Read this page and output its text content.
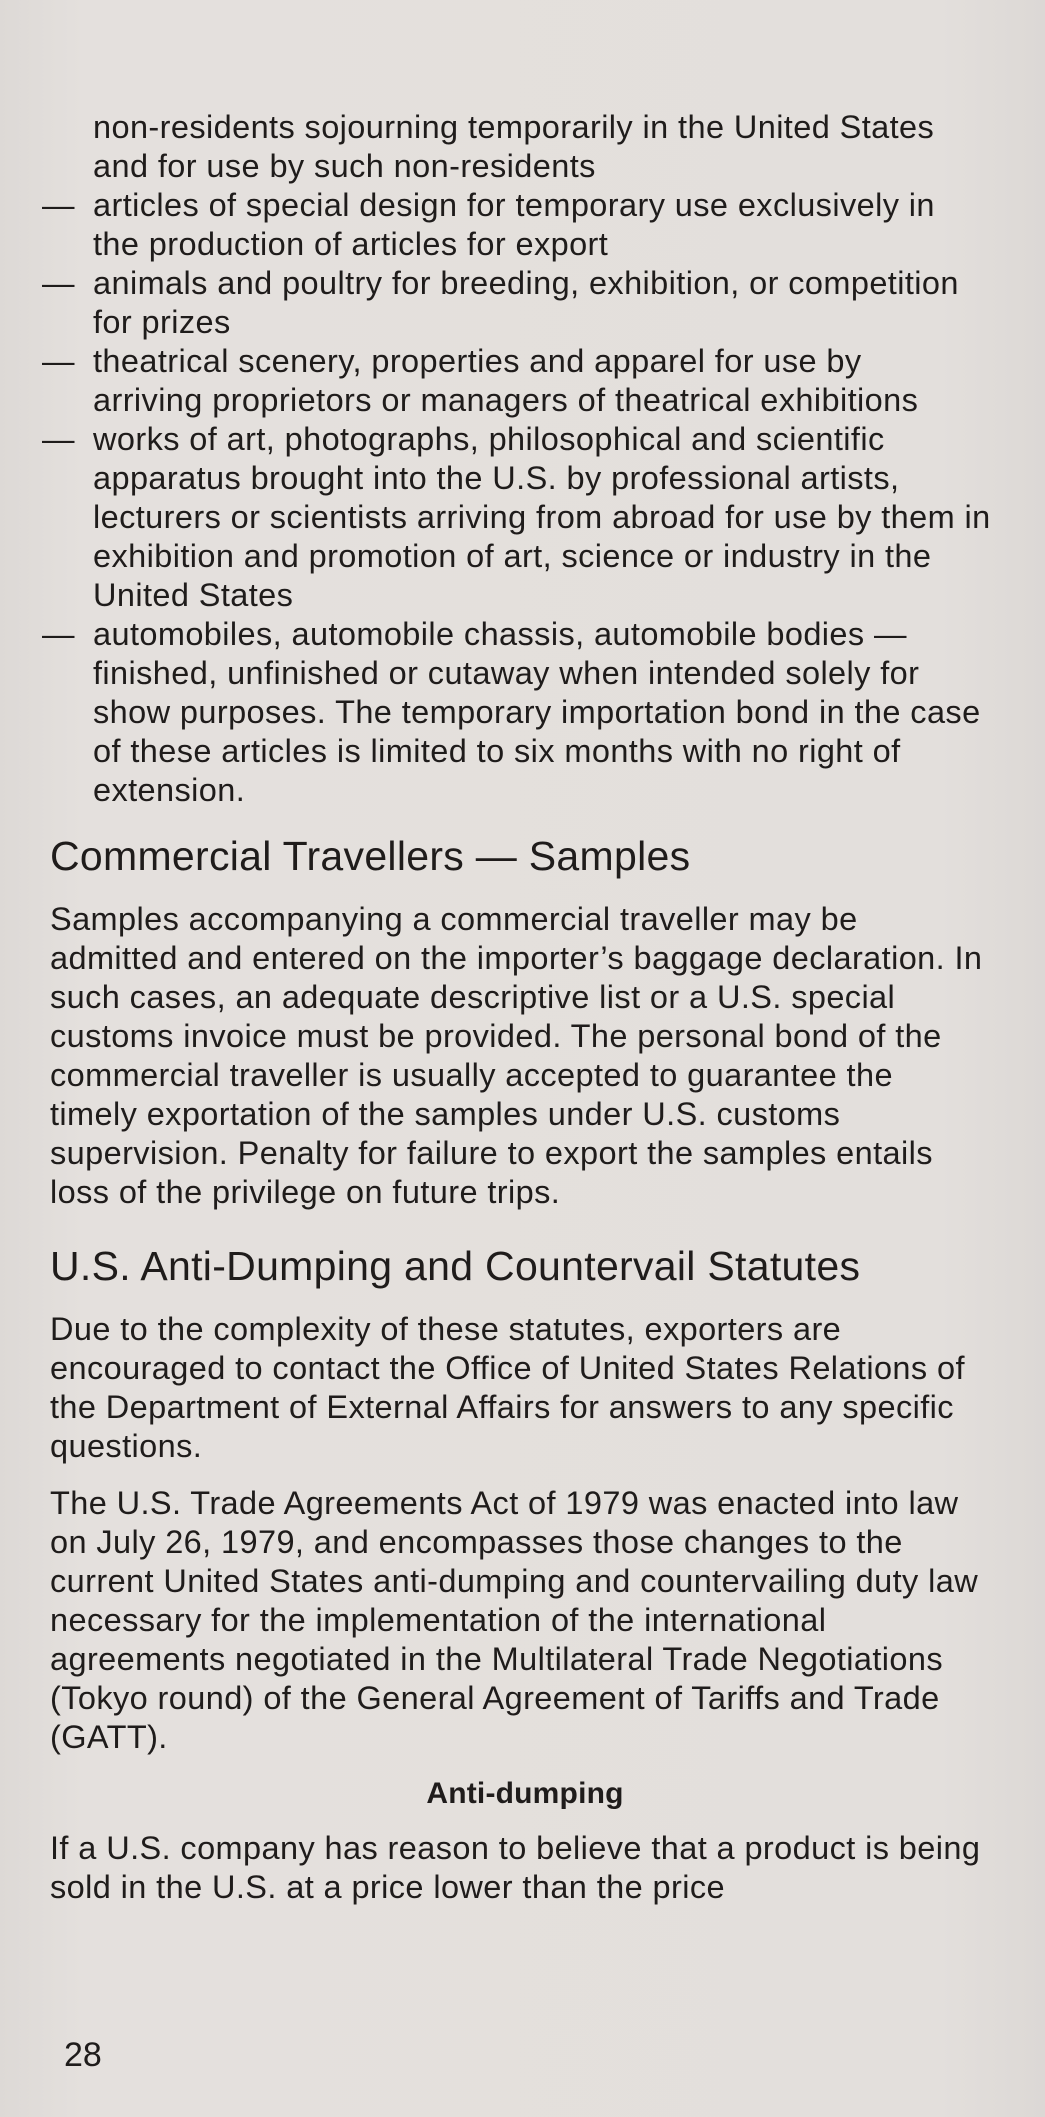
non-residents sojourning temporarily in the United States and for use by such non-residents
— articles of special design for temporary use exclusively in the production of articles for export
— animals and poultry for breeding, exhibition, or competition for prizes
— theatrical scenery, properties and apparel for use by arriving proprietors or managers of theatrical exhibitions
— works of art, photographs, philosophical and scientific apparatus brought into the U.S. by professional artists, lecturers or scientists arriving from abroad for use by them in exhibition and promotion of art, science or industry in the United States
— automobiles, automobile chassis, automobile bodies — finished, unfinished or cutaway when intended solely for show purposes. The temporary importation bond in the case of these articles is limited to six months with no right of extension.
Commercial Travellers — Samples

Samples accompanying a commercial traveller may be admitted and entered on the importer’s baggage declaration. In such cases, an adequate descriptive list or a U.S. special customs invoice must be provided. The personal bond of the commercial traveller is usually accepted to guarantee the timely exportation of the samples under U.S. customs supervision. Penalty for failure to export the samples entails loss of the privilege on future trips.

U.S. Anti-Dumping and Countervail Statutes

Due to the complexity of these statutes, exporters are encouraged to contact the Office of United States Relations of the Department of External Affairs for answers to any specific questions.

The U.S. Trade Agreements Act of 1979 was enacted into law on July 26, 1979, and encompasses those changes to the current United States anti-dumping and countervailing duty law necessary for the implementation of the international agreements negotiated in the Multilateral Trade Negotiations (Tokyo round) of the General Agreement of Tariffs and Trade (GATT).

Anti-dumping

If a U.S. company has reason to believe that a product is being sold in the U.S. at a price lower than the price

28
